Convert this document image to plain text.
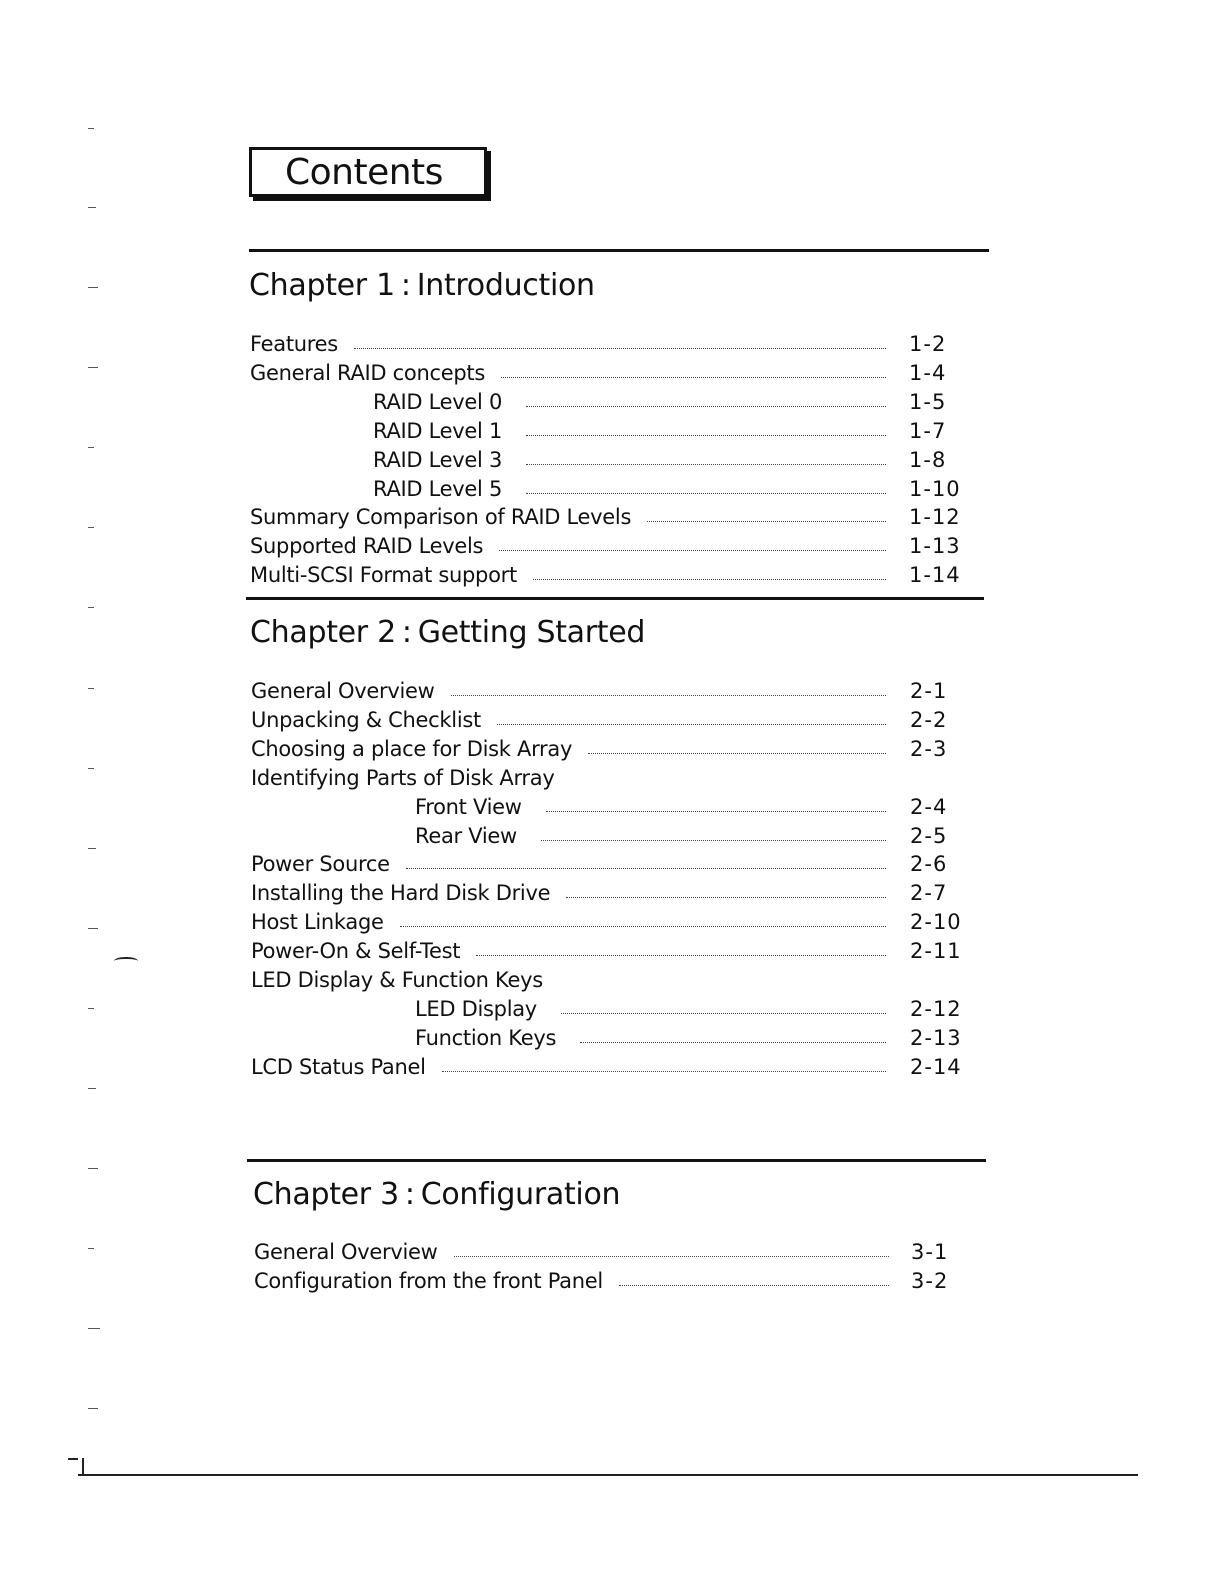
Contents
Chapter 1 : Introduction
Features	1-2
General RAID concepts	1-4
RAID Level 0	1-5
RAID Level 1	1-7
RAID Level 3	1-8
RAID Level 5	1-10
Summary Comparison of RAID Levels	1-12
Supported RAID Levels	1-13
Multi-SCSI Format support	1-14
Chapter 2 : Getting Started
General Overview	2-1
Unpacking & Checklist	2-2
Choosing a place for Disk Array	2-3
Identifying Parts of Disk Array
Front View	2-4
Rear View	2-5
Power Source	2-6
Installing the Hard Disk Drive	2-7
Host Linkage	2-10
Power-On & Self-Test	2-11
LED Display & Function Keys
LED Display	2-12
Function Keys	2-13
LCD Status Panel	2-14
Chapter 3 : Configuration
General Overview	3-1
Configuration from the front Panel	3-2
